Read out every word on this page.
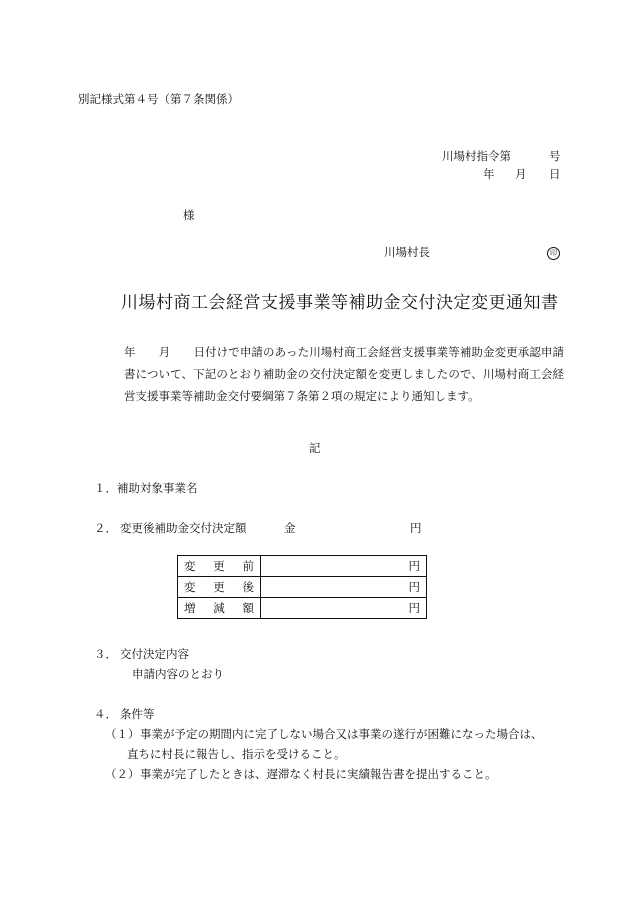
別記様式第４号（第７条関係）
川場村指令第	号
年 月 日
様
川場村長	印
川場村商工会経営支援事業等補助金交付決定変更通知書
年　　月　　日付けで申請のあった川場村商工会経営支援事業等補助金変更承認申請書について、下記のとおり補助金の交付決定額を変更しましたので、川場村商工会経営支援事業等補助金交付要綱第７条第２項の規定により通知します。
記
１． 補助対象事業名
２． 変更後補助金交付決定額	金	円
変 更 前	円

変 更 後	円

増 減 額	円
３． 交付決定内容
申請内容のとおり
４． 条件等
（１） 事業が予定の期間内に完了しない場合又は事業の遂行が困難になった場合は、
直ちに村長に報告し、指示を受けること。
（２） 事業が完了したときは、遅滞なく村長に実績報告書を提出すること。
